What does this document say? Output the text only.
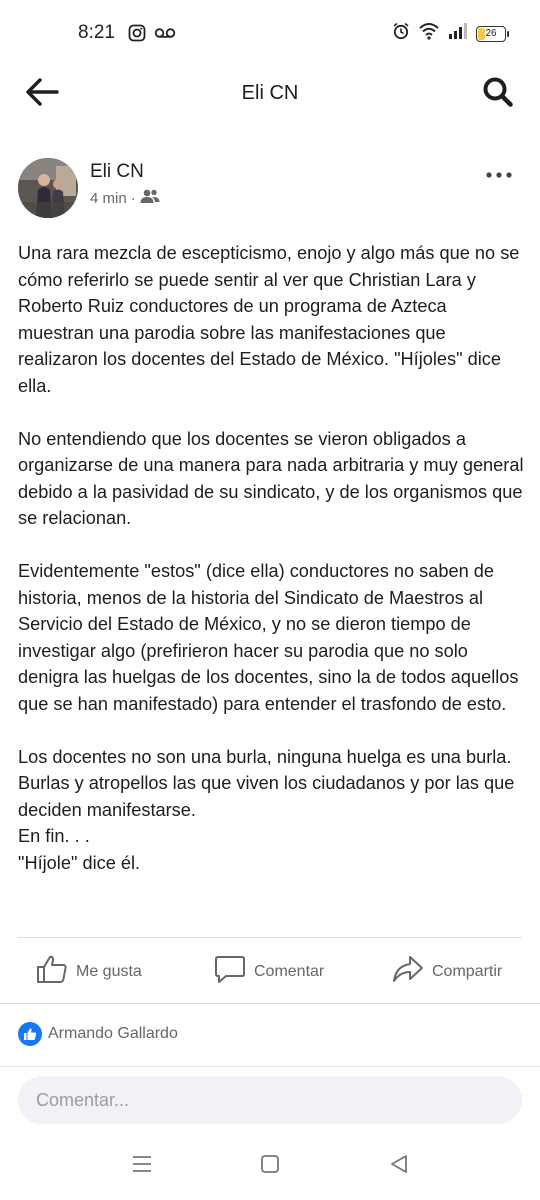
8:21	26
Eli CN
Eli CN
4 min ·

Una rara mezcla de escepticismo, enojo y algo más que no se cómo referirlo se puede sentir al ver que Christian Lara y Roberto Ruiz conductores de un programa de Azteca muestran una parodia sobre las manifestaciones que realizaron los docentes del Estado de México. "Híjoles" dice ella.

No entendiendo que los docentes se vieron obligados a organizarse de una manera para nada arbitraria y muy general debido a la pasividad de su sindicato, y de los organismos que se relacionan.

Evidentemente "estos" (dice ella) conductores no saben de historia, menos de la historia del Sindicato de Maestros al Servicio del Estado de México, y no se dieron tiempo de investigar algo (prefirieron hacer su parodia que no solo denigra las huelgas de los docentes, sino la de todos aquellos que se han manifestado) para entender el trasfondo de esto.

Los docentes no son una burla, ninguna huelga es una burla.
Burlas y atropellos las que viven los ciudadanos y por las que deciden manifestarse.
En fin. . .
"Híjole" dice él.

Me gusta	Comentar	Compartir
Armando Gallardo
Comentar...
